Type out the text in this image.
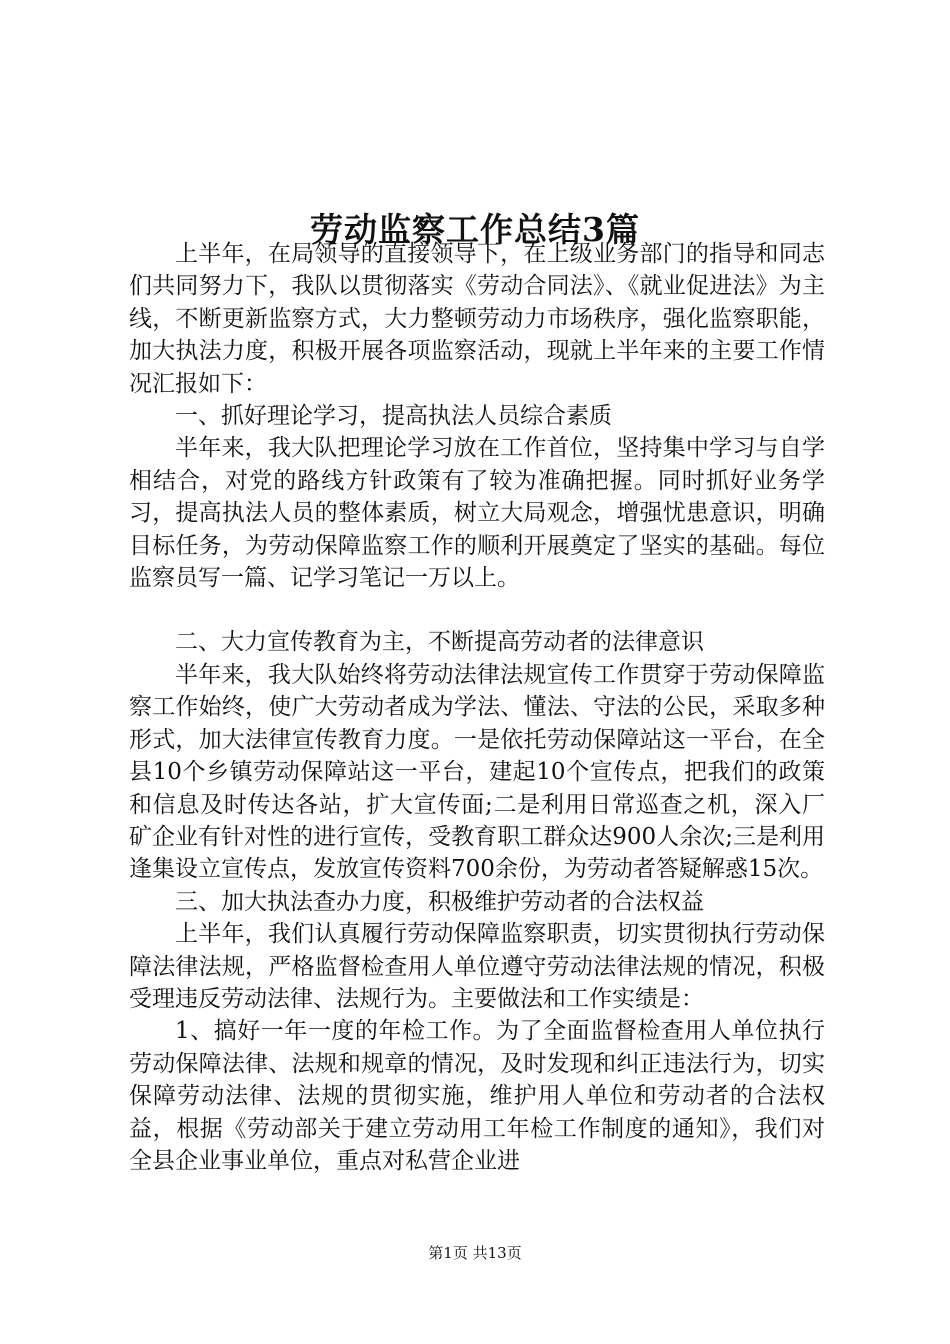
劳动监察工作总结3篇

上半年，在局领导的直接领导下，在上级业务部门的指导和同志们共同努力下，我队以贯彻落实《劳动合同法》、《就业促进法》为主线，不断更新监察方式，大力整顿劳动力市场秩序，强化监察职能，加大执法力度，积极开展各项监察活动，现就上半年来的主要工作情况汇报如下：

一、抓好理论学习，提高执法人员综合素质

半年来，我大队把理论学习放在工作首位，坚持集中学习与自学相结合，对党的路线方针政策有了较为准确把握。同时抓好业务学习，提高执法人员的整体素质，树立大局观念，增强忧患意识，明确目标任务，为劳动保障监察工作的顺利开展奠定了坚实的基础。每位监察员写一篇、记学习笔记一万以上。

二、大力宣传教育为主，不断提高劳动者的法律意识

半年来，我大队始终将劳动法律法规宣传工作贯穿于劳动保障监察工作始终，使广大劳动者成为学法、懂法、守法的公民，采取多种形式，加大法律宣传教育力度。一是依托劳动保障站这一平台，在全县10个乡镇劳动保障站这一平台，建起10个宣传点，把我们的政策和信息及时传达各站，扩大宣传面;二是利用日常巡查之机，深入厂矿企业有针对性的进行宣传，受教育职工群众达900人余次;三是利用逢集设立宣传点，发放宣传资料700余份，为劳动者答疑解惑15次。

三、加大执法查办力度，积极维护劳动者的合法权益

上半年，我们认真履行劳动保障监察职责，切实贯彻执行劳动保障法律法规，严格监督检查用人单位遵守劳动法律法规的情况，积极受理违反劳动法律、法规行为。主要做法和工作实绩是：

1、搞好一年一度的年检工作。为了全面监督检查用人单位执行劳动保障法律、法规和规章的情况，及时发现和纠正违法行为，切实保障劳动法律、法规的贯彻实施，维护用人单位和劳动者的合法权益，根据《劳动部关于建立劳动用工年检工作制度的通知》，我们对全县企业事业单位，重点对私营企业进

第1页 共13页
